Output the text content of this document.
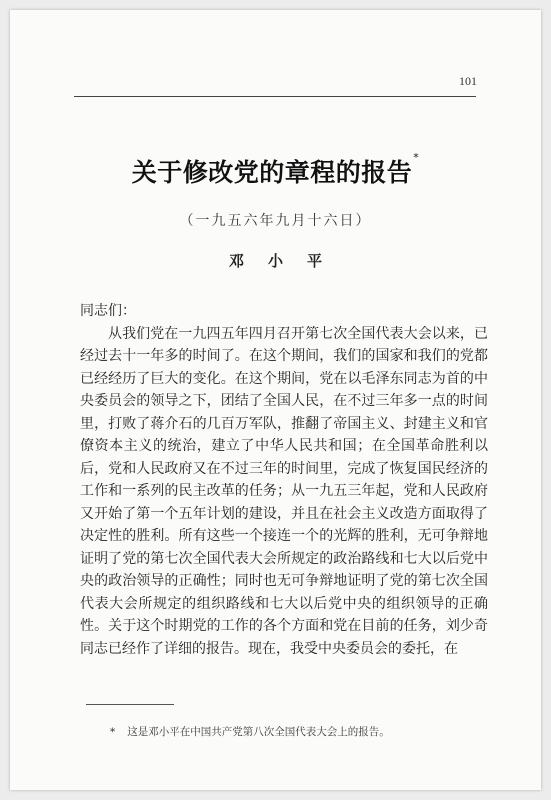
101
关于修改党的章程的报告*
（一九五六年九月十六日）
邓小平

同志们：

从我们党在一九四五年四月召开第七次全国代表大会以来，已经过去十一年多的时间了。在这个期间，我们的国家和我们的党都已经经历了巨大的变化。在这个期间，党在以毛泽东同志为首的中央委员会的领导之下，团结了全国人民，在不过三年多一点的时间里，打败了蒋介石的几百万军队，推翻了帝国主义、封建主义和官僚资本主义的统治，建立了中华人民共和国；在全国革命胜利以后，党和人民政府又在不过三年的时间里，完成了恢复国民经济的工作和一系列的民主改革的任务；从一九五三年起，党和人民政府又开始了第一个五年计划的建设，并且在社会主义改造方面取得了决定性的胜利。所有这些一个接连一个的光辉的胜利，无可争辩地证明了党的第七次全国代表大会所规定的政治路线和七大以后党中央的政治领导的正确性；同时也无可争辩地证明了党的第七次全国代表大会所规定的组织路线和七大以后党中央的组织领导的正确性。关于这个时期党的工作的各个方面和党在目前的任务，刘少奇同志已经作了详细的报告。现在，我受中央委员会的委托，在

* 这是邓小平在中国共产党第八次全国代表大会上的报告。
